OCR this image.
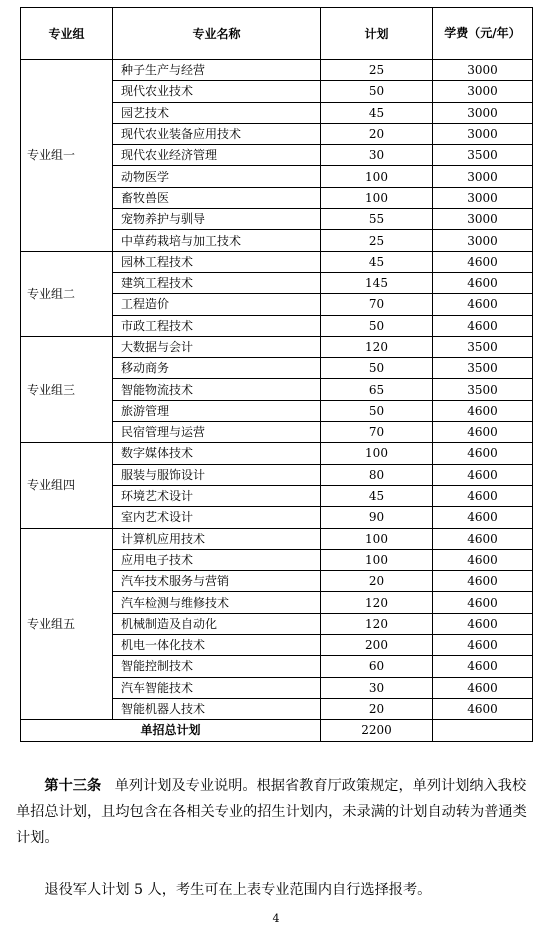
专业组	专业名称	计划	学费（元/年）
专业组一	种子生产与经营	25	3000
	现代农业技术	50	3000
	园艺技术	45	3000
	现代农业装备应用技术	20	3000
	现代农业经济管理	30	3500
	动物医学	100	3000
	畜牧兽医	100	3000
	宠物养护与驯导	55	3000
	中草药栽培与加工技术	25	3000
专业组二	园林工程技术	45	4600
	建筑工程技术	145	4600
	工程造价	70	4600
	市政工程技术	50	4600
专业组三	大数据与会计	120	3500
	移动商务	50	3500
	智能物流技术	65	3500
	旅游管理	50	4600
	民宿管理与运营	70	4600
专业组四	数字媒体技术	100	4600
	服装与服饰设计	80	4600
	环境艺术设计	45	4600
	室内艺术设计	90	4600
专业组五	计算机应用技术	100	4600
	应用电子技术	100	4600
	汽车技术服务与营销	20	4600
	汽车检测与维修技术	120	4600
	机械制造及自动化	120	4600
	机电一体化技术	200	4600
	智能控制技术	60	4600
	汽车智能技术	30	4600
	智能机器人技术	20	4600
单招总计划		2200	

第十三条 单列计划及专业说明。根据省教育厅政策规定，单列计划纳入我校单招总计划，且均包含在各相关专业的招生计划内，未录满的计划自动转为普通类计划。

退役军人计划 5 人，考生可在上表专业范围内自行选择报考。

4
